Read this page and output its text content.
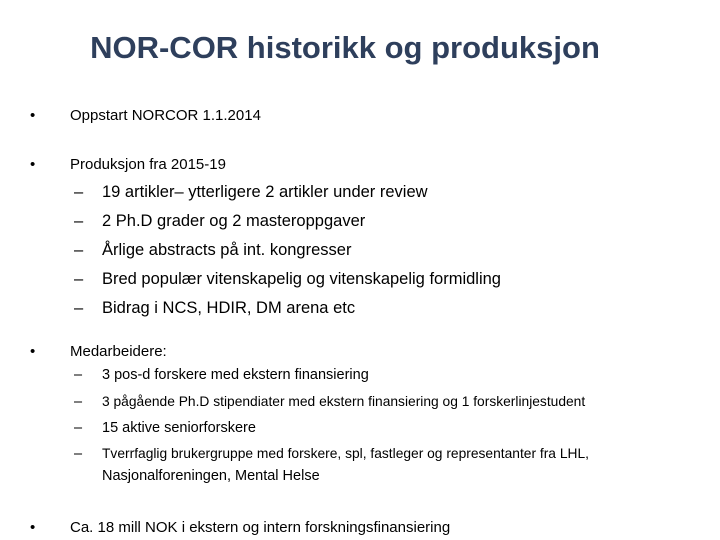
NOR-COR historikk og produksjon
•	Oppstart NORCOR 1.1.2014
•	Produksjon fra 2015-19
– 19 artikler– ytterligere 2 artikler under review
– 2 Ph.D grader og 2 masteroppgaver
– Årlige abstracts på int. kongresser
– Bred populær vitenskapelig og vitenskapelig formidling
– Bidrag i NCS, HDIR, DM arena etc
•	Medarbeidere:
– 3 pos-d forskere med ekstern finansiering
– 3 pågående Ph.D stipendiater med ekstern finansiering og 1 forskerlinjestudent
– 15 aktive seniorforskere
– Tverrfaglig brukergruppe med forskere, spl, fastleger og representanter fra LHL,
Nasjonalforeningen, Mental Helse
•	Ca. 18 mill NOK i ekstern og intern forskningsfinansiering
